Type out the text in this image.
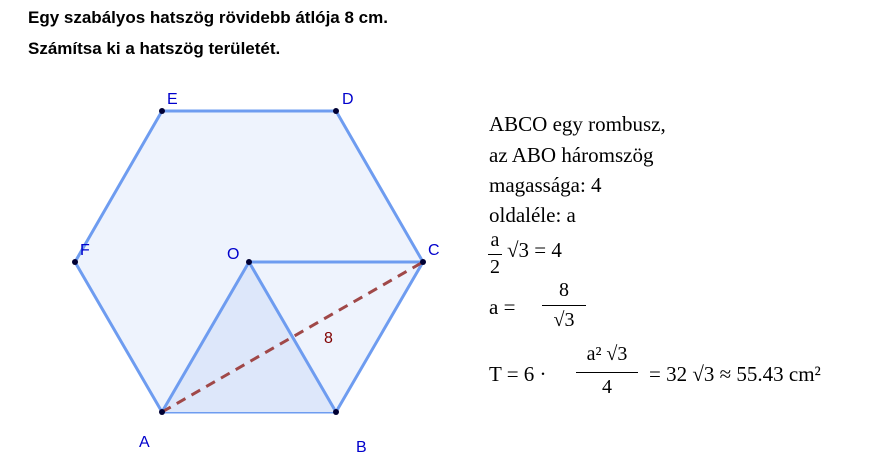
Egy szabályos hatszög rövidebb átlója 8 cm.
Számítsa ki a hatszög területét.
A	B
C
D
E
F	O
8
ABCO egy rombusz,
az ABO háromszög
magassága: 4
oldaléle: a
a
2
√3 = 4
a =
8
√3
T = 6 ·
a² √3
4
= 32 √3 ≈ 55.43 cm²
